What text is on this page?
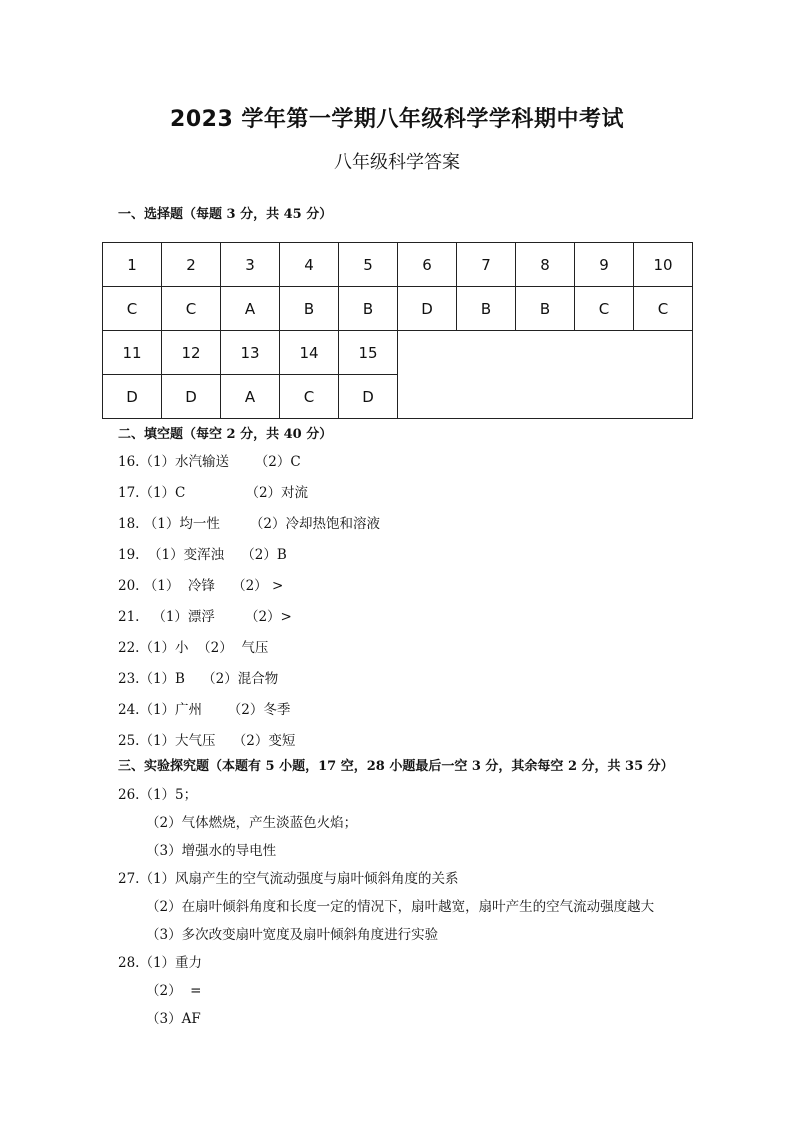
2023 学年第一学期八年级科学学科期中考试
八年级科学答案
一、选择题（每题 3 分，共 45 分）
1	2	3	4	5	6	7	8	9	10
C	C	A	B	B	D	B	B	C	C
11	12	13	14	15					
D	D	A	C	D					
二、填空题（每空 2 分，共 40 分）
16.（1）水汽输送      （2）C
17.（1）C              （2）对流
18. （1）均一性       （2）冷却热饱和溶液
19.  （1）变浑浊    （2）B
20. （1）  冷锋    （2） >
21.   （1）漂浮       （2）>
22.（1）小  （2）  气压
23.（1）B    （2）混合物
24.（1）广州      （2）冬季
25.（1）大气压    （2）变短
三、实验探究题（本题有 5 小题，17 空，28 小题最后一空 3 分，其余每空 2 分，共 35 分）
26.（1）5；
（2）气体燃烧，产生淡蓝色火焰；
（3）增强水的导电性
27.（1）风扇产生的空气流动强度与扇叶倾斜角度的关系
（2）在扇叶倾斜角度和长度一定的情况下，扇叶越宽，扇叶产生的空气流动强度越大
（3）多次改变扇叶宽度及扇叶倾斜角度进行实验
28.（1）重力
（2）  =
（3）AF
